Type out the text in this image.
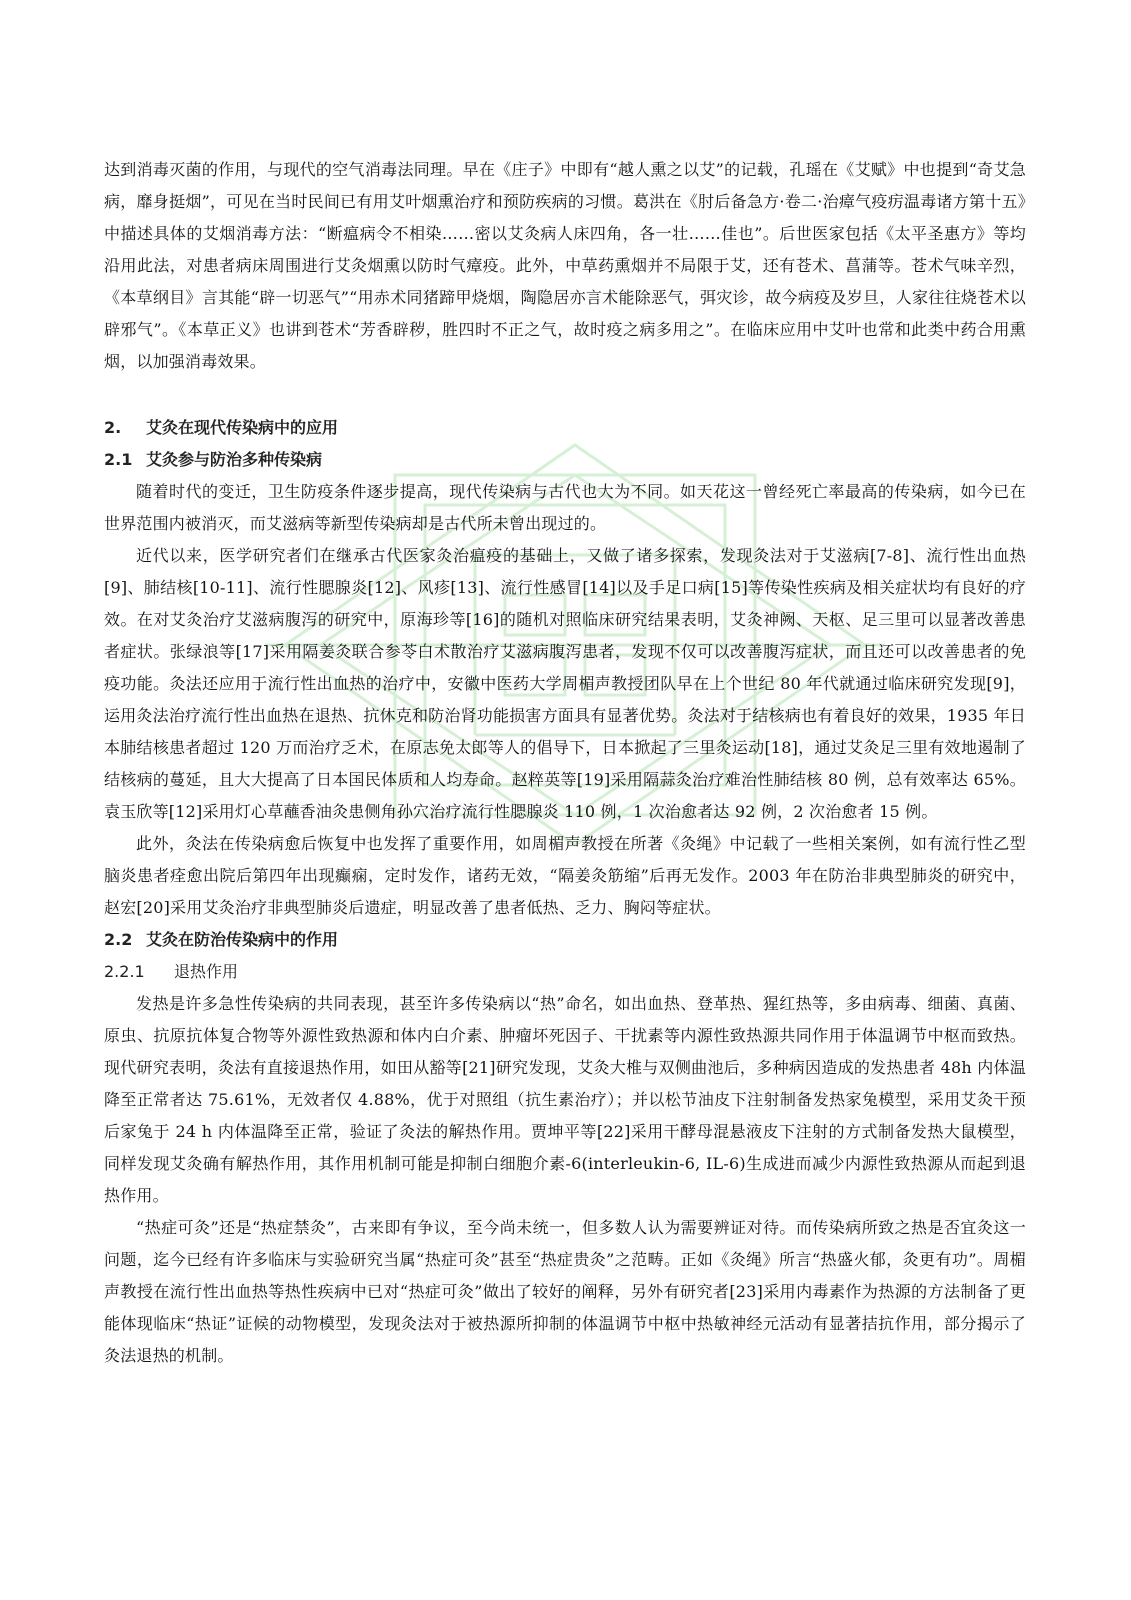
达到消毒灭菌的作用，与现代的空气消毒法同理。早在《庄子》中即有“越人熏之以艾”的记载，孔瑶在《艾赋》中也提到“奇艾急病，靡身挺烟”，可见在当时民间已有用艾叶烟熏治疗和预防疾病的习惯。葛洪在《肘后备急方·卷二·治瘴气疫疠温毒诸方第十五》中描述具体的艾烟消毒方法：“断瘟病令不相染……密以艾灸病人床四角，各一壮……佳也”。后世医家包括《太平圣惠方》等均沿用此法，对患者病床周围进行艾灸烟熏以防时气瘴疫。此外，中草药熏烟并不局限于艾，还有苍术、菖蒲等。苍术气味辛烈，《本草纲目》言其能“辟一切恶气”“用赤术同猪蹄甲烧烟，陶隐居亦言术能除恶气，弭灾诊，故今病疫及岁旦，人家往往烧苍术以辟邪气”。《本草正义》也讲到苍术“芳香辟秽，胜四时不正之气，故时疫之病多用之”。在临床应用中艾叶也常和此类中药合用熏烟，以加强消毒效果。

2. 艾灸在现代传染病中的应用

2.1 艾灸参与防治多种传染病

随着时代的变迁，卫生防疫条件逐步提高，现代传染病与古代也大为不同。如天花这一曾经死亡率最高的传染病，如今已在世界范围内被消灭，而艾滋病等新型传染病却是古代所未曾出现过的。

近代以来，医学研究者们在继承古代医家灸治瘟疫的基础上，又做了诸多探索，发现灸法对于艾滋病[7-8]、流行性出血热[9]、肺结核[10-11]、流行性腮腺炎[12]、风疹[13]、流行性感冒[14]以及手足口病[15]等传染性疾病及相关症状均有良好的疗效。在对艾灸治疗艾滋病腹泻的研究中，原海珍等[16]的随机对照临床研究结果表明，艾灸神阙、天枢、足三里可以显著改善患者症状。张绿浪等[17]采用隔姜灸联合参苓白术散治疗艾滋病腹泻患者，发现不仅可以改善腹泻症状，而且还可以改善患者的免疫功能。灸法还应用于流行性出血热的治疗中，安徽中医药大学周楣声教授团队早在上个世纪 80 年代就通过临床研究发现[9]，运用灸法治疗流行性出血热在退热、抗休克和防治肾功能损害方面具有显著优势。灸法对于结核病也有着良好的效果，1935 年日本肺结核患者超过 120 万而治疗乏术，在原志免太郎等人的倡导下，日本掀起了三里灸运动[18]，通过艾灸足三里有效地遏制了结核病的蔓延，且大大提高了日本国民体质和人均寿命。赵粹英等[19]采用隔蒜灸治疗难治性肺结核 80 例，总有效率达 65%。袁玉欣等[12]采用灯心草蘸香油灸患侧角孙穴治疗流行性腮腺炎 110 例，1 次治愈者达 92 例，2 次治愈者 15 例。

此外，灸法在传染病愈后恢复中也发挥了重要作用，如周楣声教授在所著《灸绳》中记载了一些相关案例，如有流行性乙型脑炎患者痊愈出院后第四年出现癫痫，定时发作，诸药无效，“隔姜灸筋缩”后再无发作。2003 年在防治非典型肺炎的研究中，赵宏[20]采用艾灸治疗非典型肺炎后遗症，明显改善了患者低热、乏力、胸闷等症状。

2.2 艾灸在防治传染病中的作用

2.2.1 退热作用

发热是许多急性传染病的共同表现，甚至许多传染病以“热”命名，如出血热、登革热、猩红热等，多由病毒、细菌、真菌、原虫、抗原抗体复合物等外源性致热源和体内白介素、肿瘤坏死因子、干扰素等内源性致热源共同作用于体温调节中枢而致热。现代研究表明，灸法有直接退热作用，如田从豁等[21]研究发现，艾灸大椎与双侧曲池后，多种病因造成的发热患者 48h 内体温降至正常者达 75.61%，无效者仅 4.88%，优于对照组（抗生素治疗）；并以松节油皮下注射制备发热家兔模型，采用艾灸干预后家兔于 24 h 内体温降至正常，验证了灸法的解热作用。贾坤平等[22]采用干酵母混悬液皮下注射的方式制备发热大鼠模型，同样发现艾灸确有解热作用，其作用机制可能是抑制白细胞介素-6(interleukin-6, IL-6)生成进而减少内源性致热源从而起到退热作用。

“热症可灸”还是“热症禁灸”，古来即有争议，至今尚未统一，但多数人认为需要辨证对待。而传染病所致之热是否宜灸这一问题，迄今已经有许多临床与实验研究当属“热症可灸”甚至“热症贵灸”之范畴。正如《灸绳》所言“热盛火郁，灸更有功”。周楣声教授在流行性出血热等热性疾病中已对“热症可灸”做出了较好的阐释，另外有研究者[23]采用内毒素作为热源的方法制备了更能体现临床“热证”证候的动物模型，发现灸法对于被热源所抑制的体温调节中枢中热敏神经元活动有显著拮抗作用，部分揭示了灸法退热的机制。
